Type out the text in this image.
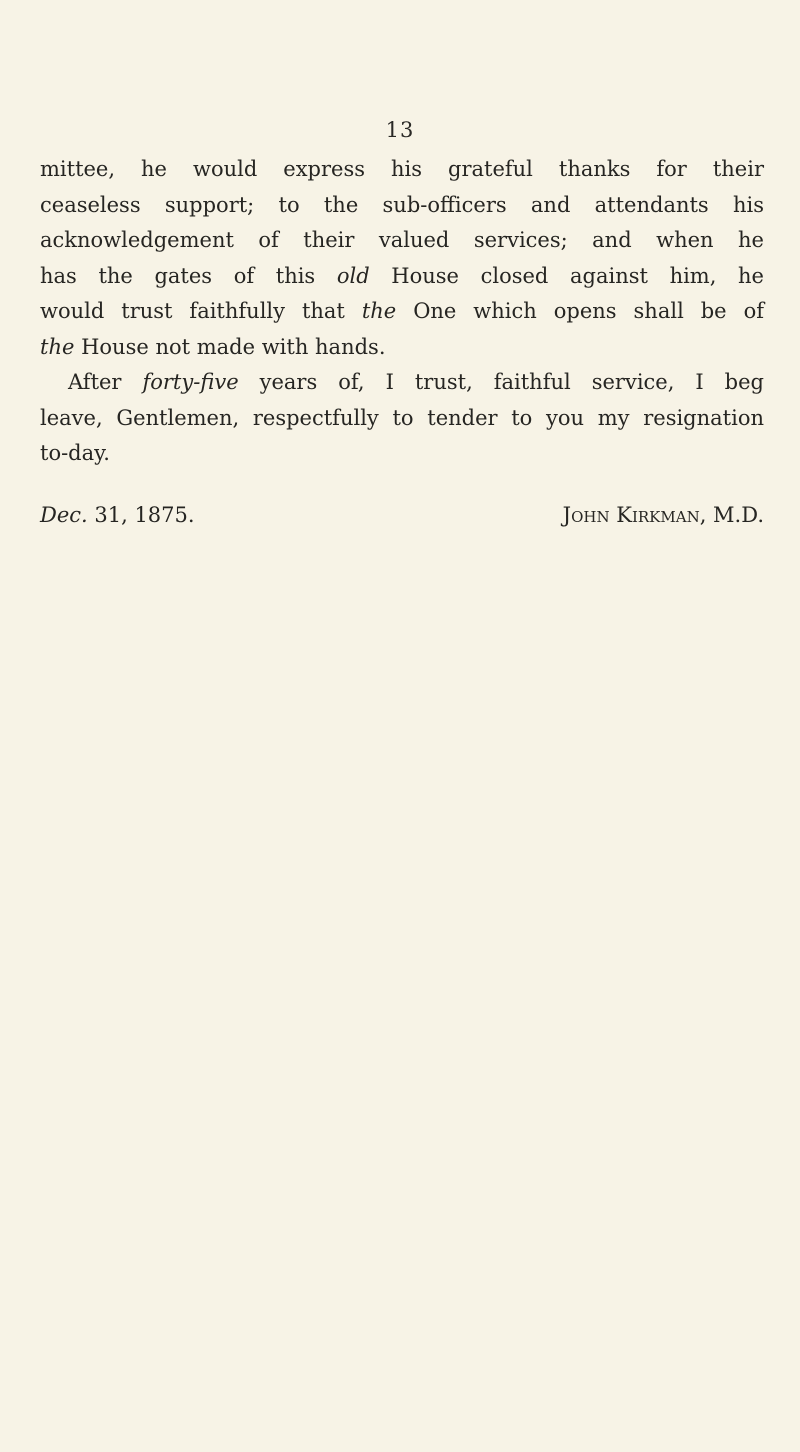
13
mittee, he would express his grateful thanks for their
ceaseless support; to the sub-officers and attendants his
acknowledgement of their valued services; and when he
has the gates of this old House closed against him, he
would trust faithfully that the One which opens shall be of
the House not made with hands.
After forty-five years of, I trust, faithful service, I beg
leave, Gentlemen, respectfully to tender to you my resignation
to-day.
Dec. 31, 1875.	John Kirkman, M.D.
